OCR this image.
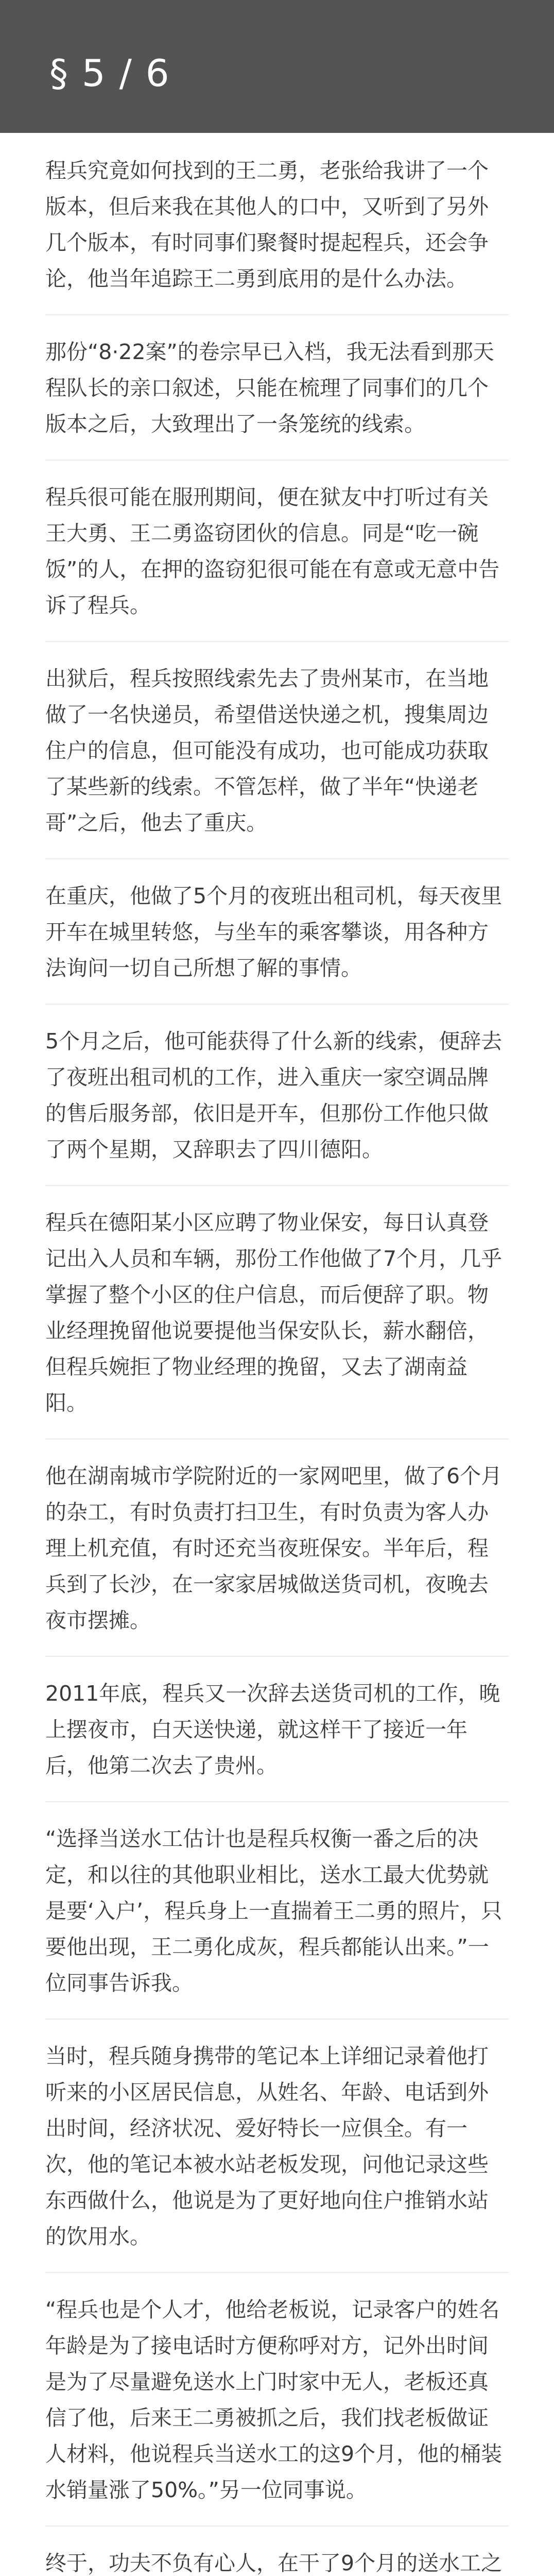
§ 5 / 6

程兵究竟如何找到的王二勇，老张给我讲了一个版本，但后来我在其他人的口中，又听到了另外几个版本，有时同事们聚餐时提起程兵，还会争论，他当年追踪王二勇到底用的是什么办法。

那份“8·22案”的卷宗早已入档，我无法看到那天程队长的亲口叙述，只能在梳理了同事们的几个版本之后，大致理出了一条笼统的线索。

程兵很可能在服刑期间，便在狱友中打听过有关王大勇、王二勇盗窃团伙的信息。同是“吃一碗饭”的人，在押的盗窃犯很可能在有意或无意中告诉了程兵。

出狱后，程兵按照线索先去了贵州某市，在当地做了一名快递员，希望借送快递之机，搜集周边住户的信息，但可能没有成功，也可能成功获取了某些新的线索。不管怎样，做了半年“快递老哥”之后，他去了重庆。

在重庆，他做了5个月的夜班出租司机，每天夜里开车在城里转悠，与坐车的乘客攀谈，用各种方法询问一切自己所想了解的事情。

5个月之后，他可能获得了什么新的线索，便辞去了夜班出租司机的工作，进入重庆一家空调品牌的售后服务部，依旧是开车，但那份工作他只做了两个星期，又辞职去了四川德阳。

程兵在德阳某小区应聘了物业保安，每日认真登记出入人员和车辆，那份工作他做了7个月，几乎掌握了整个小区的住户信息，而后便辞了职。物业经理挽留他说要提他当保安队长，薪水翻倍，但程兵婉拒了物业经理的挽留，又去了湖南益阳。

他在湖南城市学院附近的一家网吧里，做了6个月的杂工，有时负责打扫卫生，有时负责为客人办理上机充值，有时还充当夜班保安。半年后，程兵到了长沙，在一家家居城做送货司机，夜晚去夜市摆摊。

2011年底，程兵又一次辞去送货司机的工作，晚上摆夜市，白天送快递，就这样干了接近一年后，他第二次去了贵州。

“选择当送水工估计也是程兵权衡一番之后的决定，和以往的其他职业相比，送水工最大优势就是要‘入户’，程兵身上一直揣着王二勇的照片，只要他出现，王二勇化成灰，程兵都能认出来。”一位同事告诉我。

当时，程兵随身携带的笔记本上详细记录着他打听来的小区居民信息，从姓名、年龄、电话到外出时间，经济状况、爱好特长一应俱全。有一次，他的笔记本被水站老板发现，问他记录这些东西做什么，他说是为了更好地向住户推销水站的饮用水。

“程兵也是个人才，他给老板说，记录客户的姓名年龄是为了接电话时方便称呼对方，记外出时间是为了尽量避免送水上门时家中无人，老板还真信了他，后来王二勇被抓之后，我们找老板做证人材料，他说程兵当送水工的这9个月，他的桶装水销量涨了50%。”另一位同事说。

终于，功夫不负有心人，在干了9个月的送水工之
